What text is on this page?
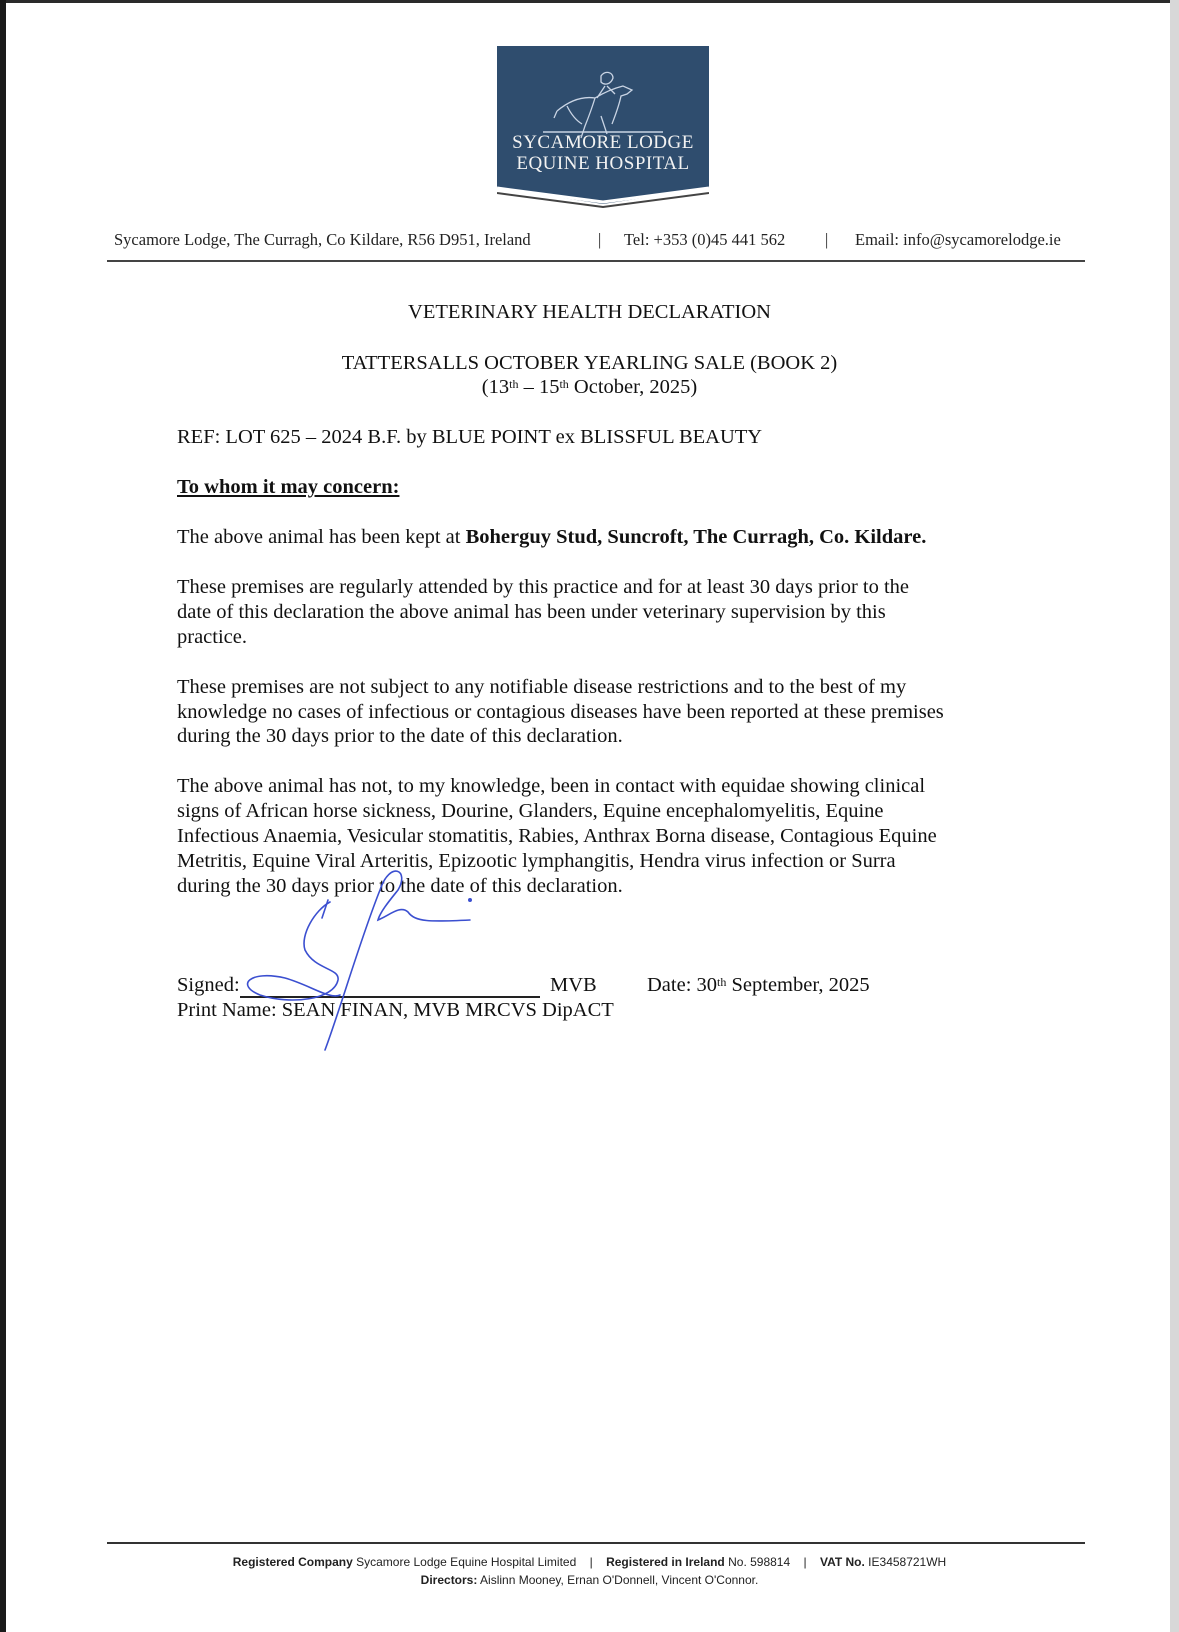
SYCAMORE LODGE
EQUINE HOSPITAL
Sycamore Lodge, The Curragh, Co Kildare, R56 D951, Ireland	| Tel: +353 (0)45 441 562 | Email: info@sycamorelodge.ie
VETERINARY HEALTH DECLARATION
TATTERSALLS OCTOBER YEARLING SALE (BOOK 2)
(13th – 15th October, 2025)
REF: LOT 625 – 2024 B.F. by BLUE POINT ex BLISSFUL BEAUTY
To whom it may concern:
The above animal has been kept at Boherguy Stud, Suncroft, The Curragh, Co. Kildare.
These premises are regularly attended by this practice and for at least 30 days prior to the
date of this declaration the above animal has been under veterinary supervision by this
practice.
These premises are not subject to any notifiable disease restrictions and to the best of my
knowledge no cases of infectious or contagious diseases have been reported at these premises
during the 30 days prior to the date of this declaration.
The above animal has not, to my knowledge, been in contact with equidae showing clinical
signs of African horse sickness, Dourine, Glanders, Equine encephalomyelitis, Equine
Infectious Anaemia, Vesicular stomatitis, Rabies, Anthrax Borna disease, Contagious Equine
Metritis, Equine Viral Arteritis, Epizootic lymphangitis, Hendra virus infection or Surra
during the 30 days prior to the date of this declaration.
Signed:	MVB Date: 30th September, 2025
Print Name: SEAN FINAN, MVB MRCVS DipACT
Registered Company Sycamore Lodge Equine Hospital Limited    |    Registered in Ireland No. 598814    |    VAT No. IE3458721WH
Directors: Aislinn Mooney, Ernan O'Donnell, Vincent O'Connor.
